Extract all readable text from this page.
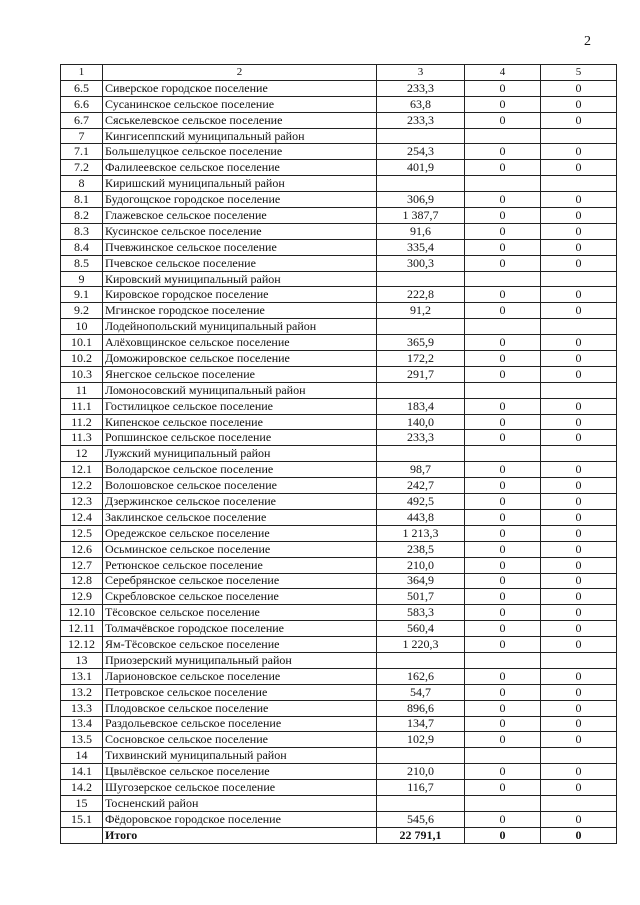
2
1	2	3	4	5
6.5	Сиверское городское поселение	233,3	0	0
6.6	Сусанинское сельское поселение	63,8	0	0
6.7	Сяськелевское сельское поселение	233,3	0	0
7	Кингисеппский муниципальный район			
7.1	Большелуцкое сельское поселение	254,3	0	0
7.2	Фалилеевское сельское поселение	401,9	0	0
8	Киришский муниципальный район			
8.1	Будогощское городское поселение	306,9	0	0
8.2	Глажевское сельское поселение	1 387,7	0	0
8.3	Кусинское сельское поселение	91,6	0	0
8.4	Пчевжинское сельское поселение	335,4	0	0
8.5	Пчевское сельское поселение	300,3	0	0
9	Кировский муниципальный район			
9.1	Кировское городское поселение	222,8	0	0
9.2	Мгинское городское поселение	91,2	0	0
10	Лодейнопольский муниципальный район			
10.1	Алёховщинское сельское поселение	365,9	0	0
10.2	Доможировское сельское поселение	172,2	0	0
10.3	Янегское сельское поселение	291,7	0	0
11	Ломоносовский муниципальный район			
11.1	Гостилицкое сельское поселение	183,4	0	0
11.2	Кипенское сельское поселение	140,0	0	0
11.3	Ропшинское сельское поселение	233,3	0	0
12	Лужский муниципальный район			
12.1	Володарское сельское поселение	98,7	0	0
12.2	Волошовское сельское поселение	242,7	0	0
12.3	Дзержинское сельское поселение	492,5	0	0
12.4	Заклинское сельское поселение	443,8	0	0
12.5	Оредежское сельское поселение	1 213,3	0	0
12.6	Осьминское сельское поселение	238,5	0	0
12.7	Ретюнское сельское поселение	210,0	0	0
12.8	Серебрянское сельское поселение	364,9	0	0
12.9	Скребловское сельское поселение	501,7	0	0
12.10	Тёсовское сельское поселение	583,3	0	0
12.11	Толмачёвское городское поселение	560,4	0	0
12.12	Ям-Тёсовское сельское поселение	1 220,3	0	0
13	Приозерский муниципальный район			
13.1	Ларионовское сельское поселение	162,6	0	0
13.2	Петровское сельское поселение	54,7	0	0
13.3	Плодовское сельское поселение	896,6	0	0
13.4	Раздольевское сельское поселение	134,7	0	0
13.5	Сосновское сельское поселение	102,9	0	0
14	Тихвинский муниципальный район			
14.1	Цвылёвское сельское поселение	210,0	0	0
14.2	Шугозерское сельское поселение	116,7	0	0
15	Тосненский район			
15.1	Фёдоровское городское поселение	545,6	0	0
	Итого	22 791,1	0	0
